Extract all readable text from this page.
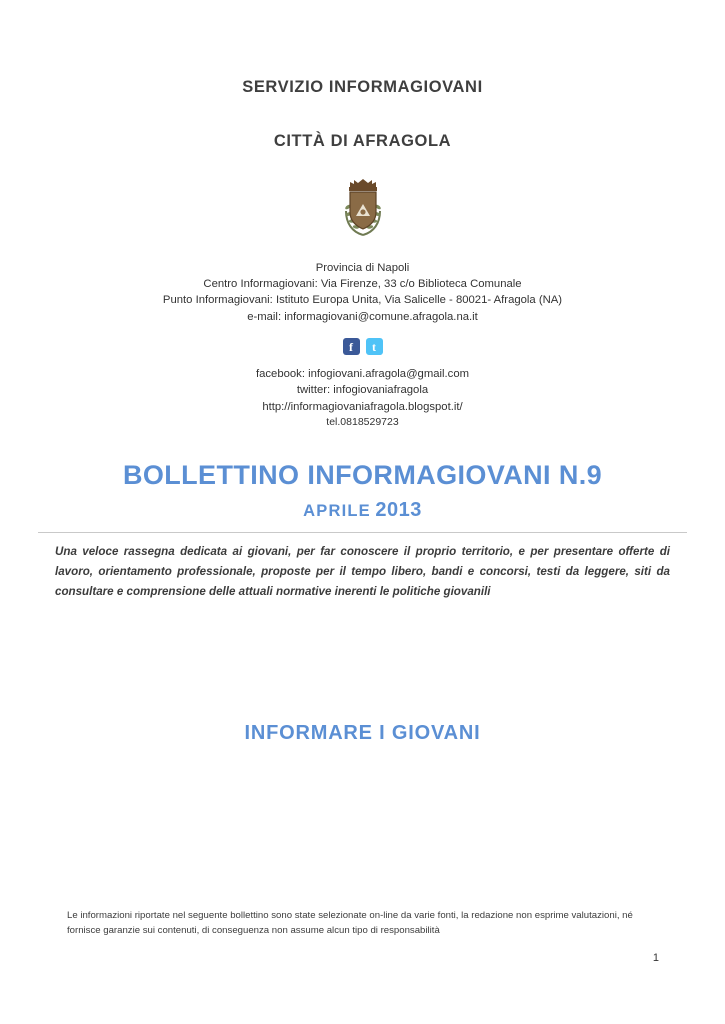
SERVIZIO INFORMAGIOVANI
CITTÀ DI AFRAGOLA
Provincia di Napoli
Centro Informagiovani: Via Firenze, 33 c/o Biblioteca Comunale
Punto Informagiovani: Istituto Europa Unita, Via Salicelle - 80021- Afragola (NA)
e-mail: informagiovani@comune.afragola.na.it
f	t
facebook: infogiovani.afragola@gmail.com
twitter: infogiovaniafragola
http://informagiovaniafragola.blogspot.it/
tel.0818529723
BOLLETTINO INFORMAGIOVANI N.9
APRILE 2013
Una veloce rassegna dedicata ai giovani, per far conoscere il proprio territorio, e per presentare offerte di lavoro, orientamento professionale, proposte per il tempo libero, bandi e concorsi, testi da leggere, siti da consultare e comprensione delle attuali normative inerenti le politiche giovanili
INFORMARE I GIOVANI
Le informazioni riportate nel seguente bollettino sono state selezionate on-line da varie fonti, la redazione non esprime valutazioni, né fornisce garanzie sui contenuti, di conseguenza non assume alcun tipo di responsabilità
1
